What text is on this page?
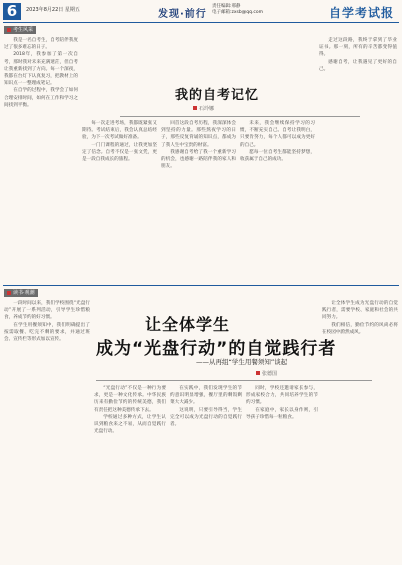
6	2023年8月22日 星期五	发现·前行
责任编辑:邢静
电子邮箱:zxsb@qq.com	自学考试报
考生风采

我是一名自考生，自考陪伴我度过了很多难忘的日子。

2018年，我参加了第一次自考，那时我对未来充满迷茫，但自考让我重新找到了方向。每一个深夜，我都在台灯下认真复习，把教材上的知识点一一整理成笔记。

在自学的过程中，我学会了如何合理安排时间，如何在工作和学习之间找到平衡。

我的自考记忆
石玲娜

每一次走进考场，我都既紧张又期待。考试结束后，我会认真总结经验，为下一次考试做好准备。

一门门课程的通过，让我更加坚定了信念。自考不仅是一张文凭，更是一段自我成长的旅程。

回首这段自考历程，我深深体会到坚持的力量。那些熬夜学习的日子，那些反复背诵的知识点，都成为了我人生中宝贵的财富。

我感谢自考给了我一个重新学习的机会，也感谢一路陪伴我的家人和朋友。

未来，我会继续保持学习的习惯，不断充实自己。自考让我明白，只要肯努力，每个人都可以成为更好的自己。

愿每一位自考生都能坚持梦想，收获属于自己的成功。

走过这段路，我终于拿到了毕业证书。那一刻，所有的辛苦都变得值得。

感谢自考，让我遇见了更好的自己。

读书·观潮
让全体学生
成为“光盘行动”的自觉践行者
——从再组“学生用餐须知”谈起
张德国

一段时间以来，我们学校围绕“光盘行动”开展了一系列活动，引导学生珍惜粮食，养成节约的好习惯。

在学生用餐须知中，我们明确提出了按需取餐、吃完不剩的要求，并通过班会、宣传栏等形式加以宣传。

“光盘行动”不仅是一种行为要求，更是一种文化传承。中华民族历来有勤俭节约的传统美德，我们有责任把这种美德传承下去。

学校通过多种方式，让学生认识到粮食来之不易，从而自觉践行光盘行动。

在实践中，我们发现学生的节约意识明显增强，餐厅里的剩饭剩菜大大减少。

这说明，只要引导得当，学生完全可以成为光盘行动的自觉践行者。

同时，学校还邀请家长参与，形成家校合力，共同培养学生的节约习惯。

在家庭中，家长以身作则，引导孩子珍惜每一粒粮食。

让全体学生成为光盘行动的自觉践行者，需要学校、家庭和社会的共同努力。

我们相信，勤俭节约的风尚必将在校园中蔚然成风。
